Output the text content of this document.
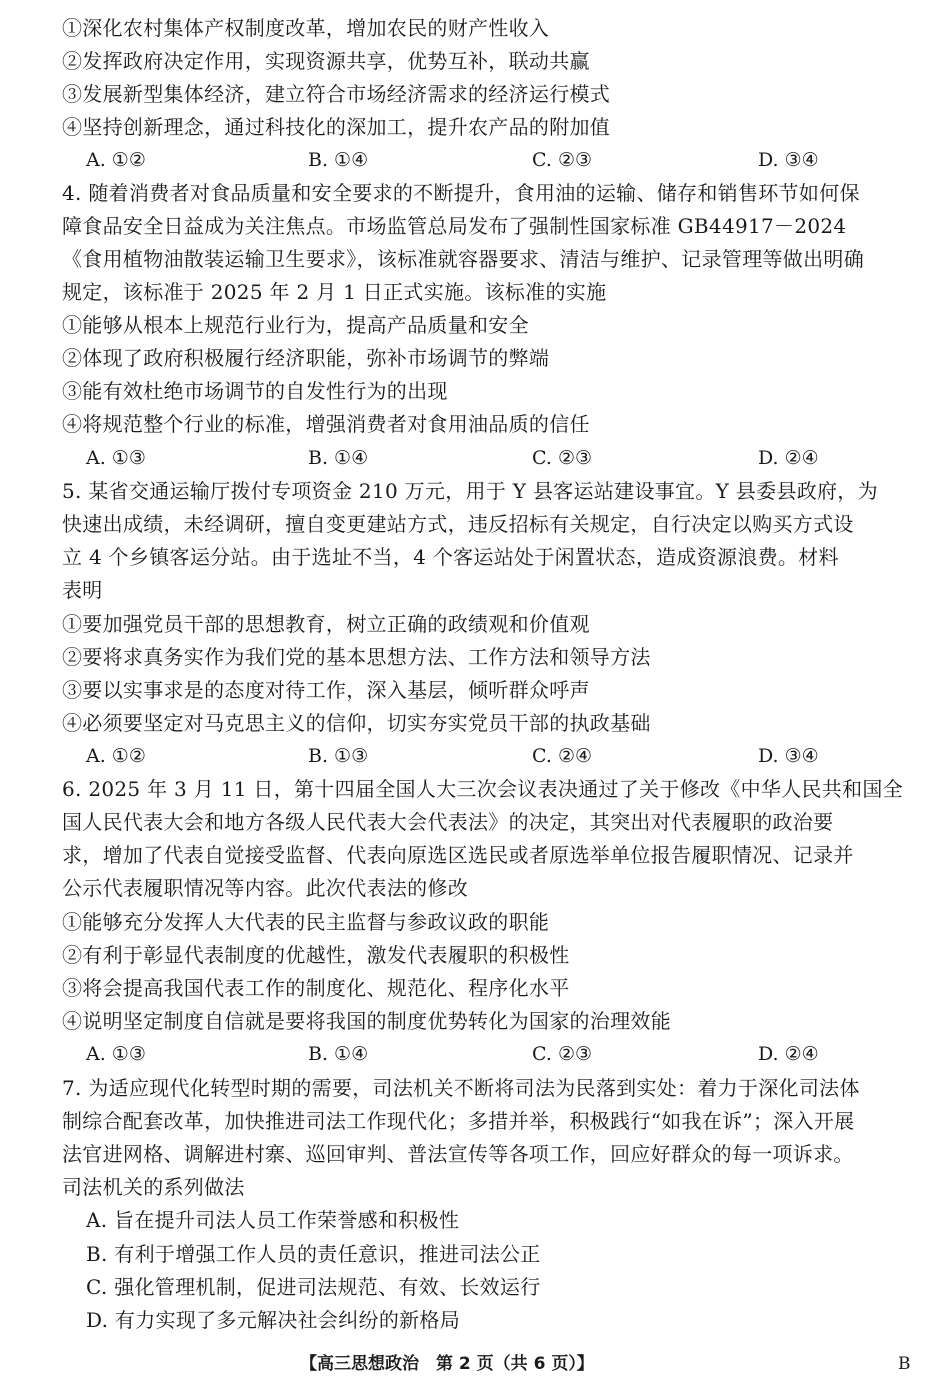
①深化农村集体产权制度改革，增加农民的财产性收入
②发挥政府决定作用，实现资源共享，优势互补，联动共赢
③发展新型集体经济，建立符合市场经济需求的经济运行模式
④坚持创新理念，通过科技化的深加工，提升农产品的附加值
A. ①②	B. ①④	C. ②③	D. ③④
4. 随着消费者对食品质量和安全要求的不断提升，食用油的运输、储存和销售环节如何保
障食品安全日益成为关注焦点。市场监管总局发布了强制性国家标准 GB44917－2024
《食用植物油散装运输卫生要求》，该标准就容器要求、清洁与维护、记录管理等做出明确
规定，该标准于 2025 年 2 月 1 日正式实施。该标准的实施
①能够从根本上规范行业行为，提高产品质量和安全
②体现了政府积极履行经济职能，弥补市场调节的弊端
③能有效杜绝市场调节的自发性行为的出现
④将规范整个行业的标准，增强消费者对食用油品质的信任
A. ①③	B. ①④	C. ②③	D. ②④
5. 某省交通运输厅拨付专项资金 210 万元，用于 Y 县客运站建设事宜。Y 县委县政府，为
快速出成绩，未经调研，擅自变更建站方式，违反招标有关规定，自行决定以购买方式设
立 4 个乡镇客运分站。由于选址不当，4 个客运站处于闲置状态，造成资源浪费。材料
表明
①要加强党员干部的思想教育，树立正确的政绩观和价值观
②要将求真务实作为我们党的基本思想方法、工作方法和领导方法
③要以实事求是的态度对待工作，深入基层，倾听群众呼声
④必须要坚定对马克思主义的信仰，切实夯实党员干部的执政基础
A. ①②	B. ①③	C. ②④	D. ③④
6. 2025 年 3 月 11 日，第十四届全国人大三次会议表决通过了关于修改《中华人民共和国全
国人民代表大会和地方各级人民代表大会代表法》的决定，其突出对代表履职的政治要
求，增加了代表自觉接受监督、代表向原选区选民或者原选举单位报告履职情况、记录并
公示代表履职情况等内容。此次代表法的修改
①能够充分发挥人大代表的民主监督与参政议政的职能
②有利于彰显代表制度的优越性，激发代表履职的积极性
③将会提高我国代表工作的制度化、规范化、程序化水平
④说明坚定制度自信就是要将我国的制度优势转化为国家的治理效能
A. ①③	B. ①④	C. ②③	D. ②④
7. 为适应现代化转型时期的需要，司法机关不断将司法为民落到实处：着力于深化司法体
制综合配套改革，加快推进司法工作现代化；多措并举，积极践行“如我在诉”；深入开展
法官进网格、调解进村寨、巡回审判、普法宣传等各项工作，回应好群众的每一项诉求。
司法机关的系列做法
A. 旨在提升司法人员工作荣誉感和积极性
B. 有利于增强工作人员的责任意识，推进司法公正
C. 强化管理机制，促进司法规范、有效、长效运行
D. 有力实现了多元解决社会纠纷的新格局
【高三思想政治　第 2 页（共 6 页）】	B
